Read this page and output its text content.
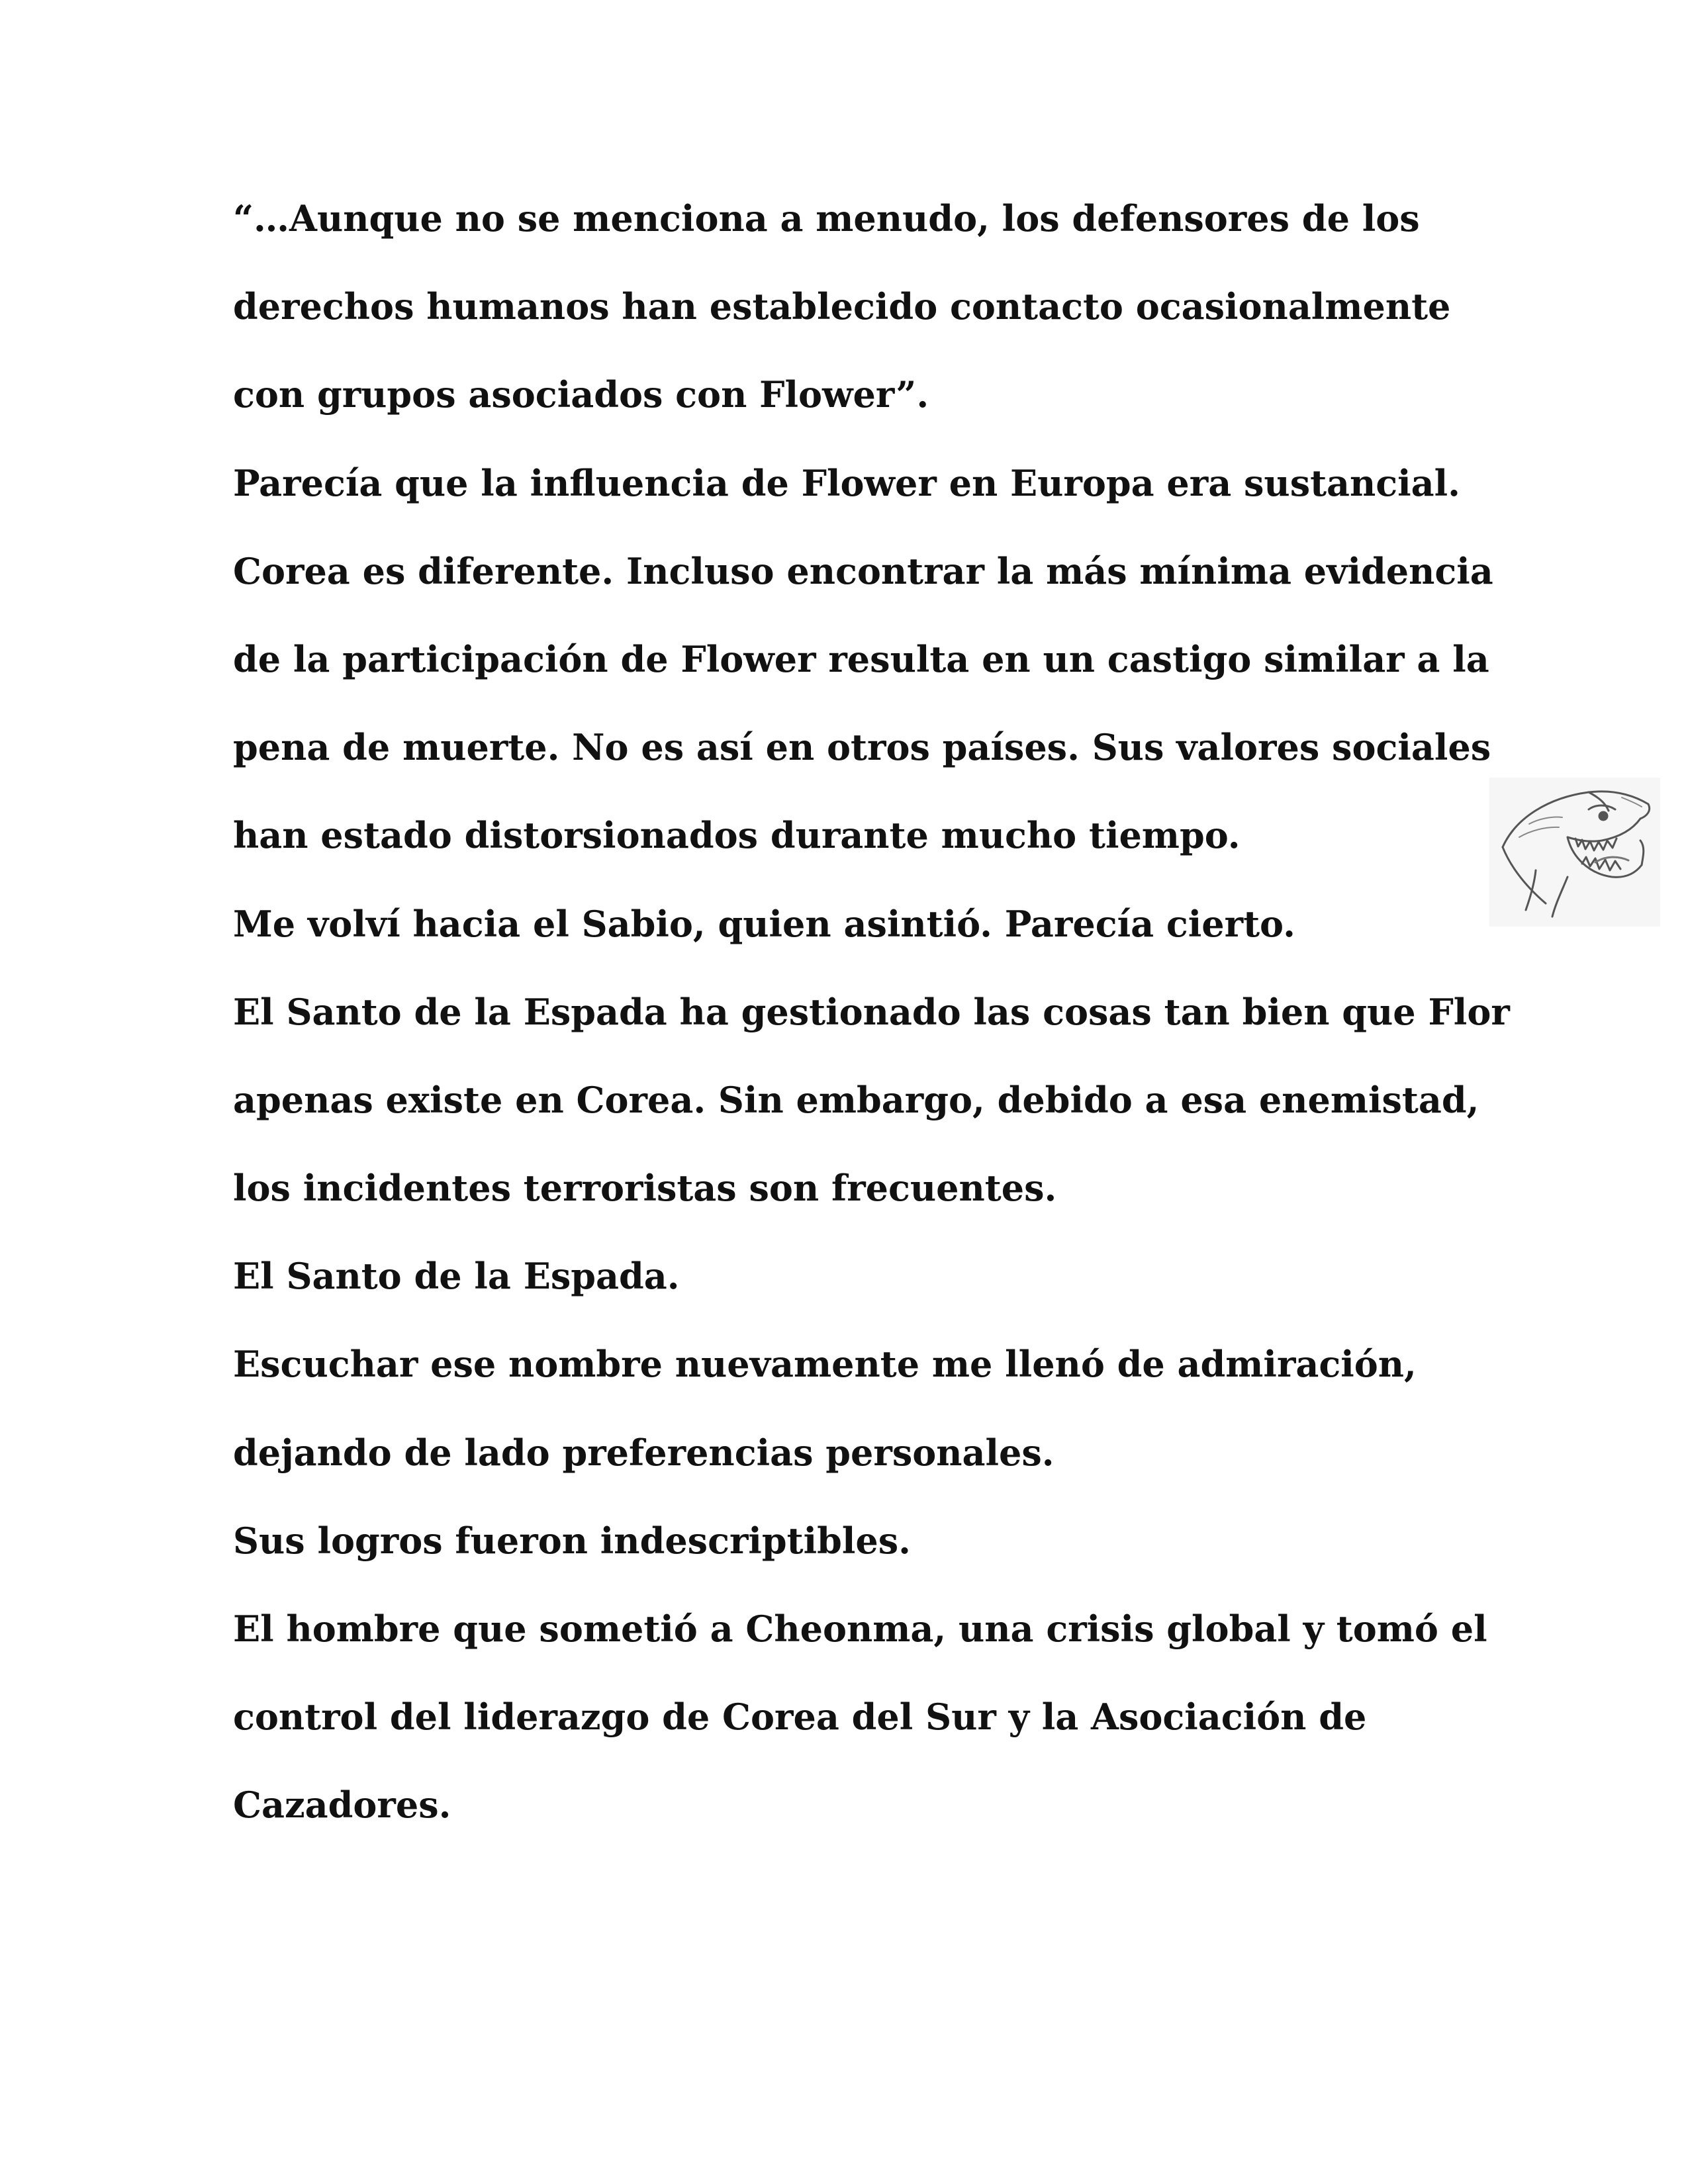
“…Aunque no se menciona a menudo, los defensores de los
derechos humanos han establecido contacto ocasionalmente
con grupos asociados con Flower”.
Parecía que la influencia de Flower en Europa era sustancial.
Corea es diferente. Incluso encontrar la más mínima evidencia
de la participación de Flower resulta en un castigo similar a la
pena de muerte. No es así en otros países. Sus valores sociales
han estado distorsionados durante mucho tiempo.
Me volví hacia el Sabio, quien asintió. Parecía cierto.
El Santo de la Espada ha gestionado las cosas tan bien que Flor
apenas existe en Corea. Sin embargo, debido a esa enemistad,
los incidentes terroristas son frecuentes.
El Santo de la Espada.
Escuchar ese nombre nuevamente me llenó de admiración,
dejando de lado preferencias personales.
Sus logros fueron indescriptibles.
El hombre que sometió a Cheonma, una crisis global y tomó el
control del liderazgo de Corea del Sur y la Asociación de
Cazadores.
